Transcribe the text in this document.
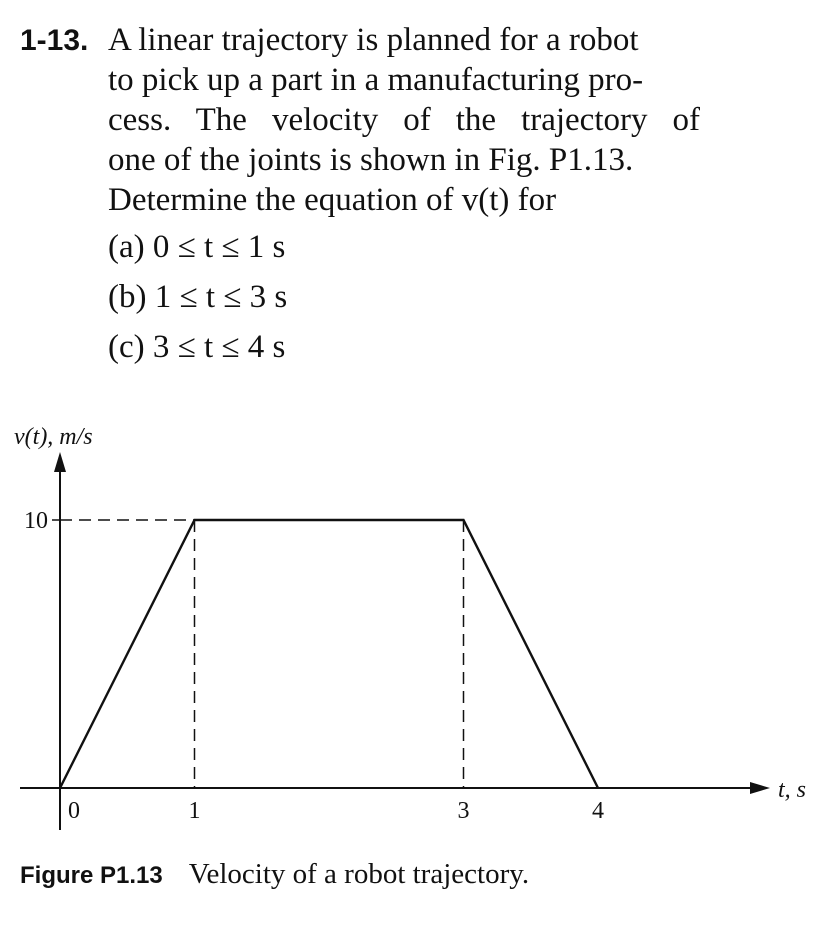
1-13. A linear trajectory is planned for a robot
to pick up a part in a manufacturing pro-
cess. The velocity of the trajectory of
one of the joints is shown in Fig. P1.13.
Determine the equation of v(t) for
(a) 0 ≤ t ≤ 1 s
(b) 1 ≤ t ≤ 3 s
(c) 3 ≤ t ≤ 4 s
v(t), m/s
t, s
0	1	3	4
10
Figure P1.13 Velocity of a robot trajectory.
